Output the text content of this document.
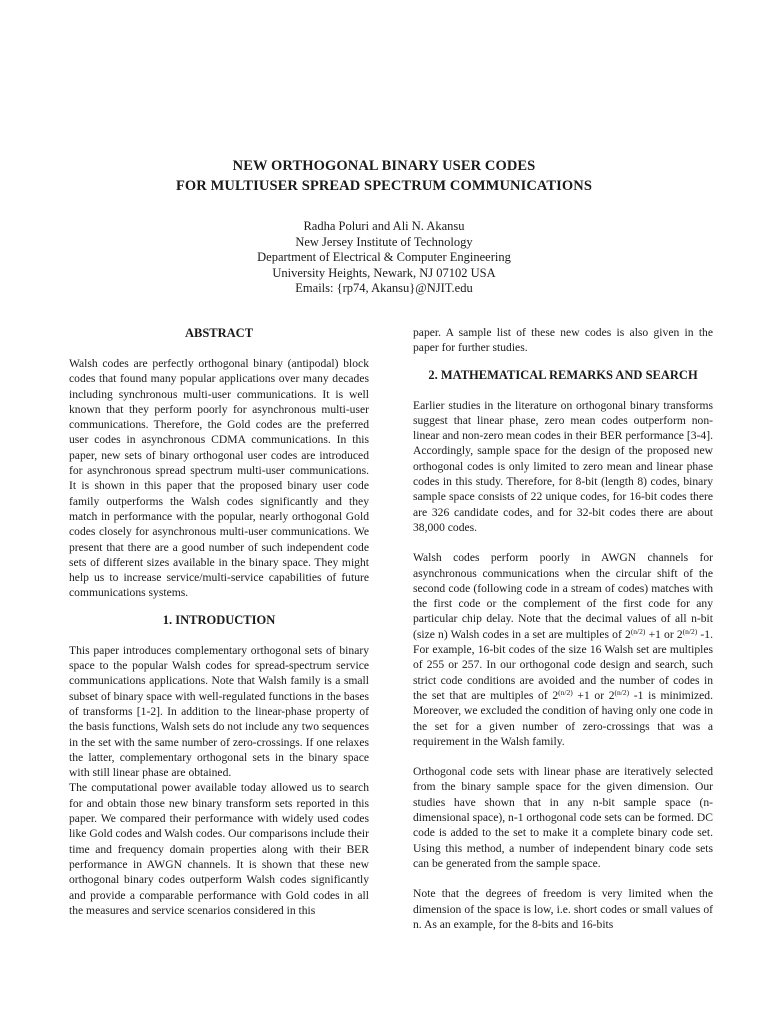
NEW ORTHOGONAL BINARY USER CODES
FOR MULTIUSER SPREAD SPECTRUM COMMUNICATIONS
Radha Poluri and Ali N. Akansu
New Jersey Institute of Technology
Department of Electrical & Computer Engineering
University Heights, Newark, NJ 07102 USA
Emails: {rp74, Akansu}@NJIT.edu
ABSTRACT

Walsh codes are perfectly orthogonal binary (antipodal) block codes that found many popular applications over many decades including synchronous multi-user communications. It is well known that they perform poorly for asynchronous multi-user communications. Therefore, the Gold codes are the preferred user codes in asynchronous CDMA communications. In this paper, new sets of binary orthogonal user codes are introduced for asynchronous spread spectrum multi-user communications. It is shown in this paper that the proposed binary user code family outperforms the Walsh codes significantly and they match in performance with the popular, nearly orthogonal Gold codes closely for asynchronous multi-user communications. We present that there are a good number of such independent code sets of different sizes available in the binary space. They might help us to increase service/multi-service capabilities of future communications systems.

1. INTRODUCTION

This paper introduces complementary orthogonal sets of binary space to the popular Walsh codes for spread-spectrum service communications applications. Note that Walsh family is a small subset of binary space with well-regulated functions in the bases of transforms [1-2]. In addition to the linear-phase property of the basis functions, Walsh sets do not include any two sequences in the set with the same number of zero-crossings. If one relaxes the latter, complementary orthogonal sets in the binary space with still linear phase are obtained.

The computational power available today allowed us to search for and obtain those new binary transform sets reported in this paper. We compared their performance with widely used codes like Gold codes and Walsh codes. Our comparisons include their time and frequency domain properties along with their BER performance in AWGN channels. It is shown that these new orthogonal binary codes outperform Walsh codes significantly and provide a comparable performance with Gold codes in all the measures and service scenarios considered in this

paper. A sample list of these new codes is also given in the paper for further studies.

2. MATHEMATICAL REMARKS AND SEARCH

Earlier studies in the literature on orthogonal binary transforms suggest that linear phase, zero mean codes outperform non-linear and non-zero mean codes in their BER performance [3-4]. Accordingly, sample space for the design of the proposed new orthogonal codes is only limited to zero mean and linear phase codes in this study. Therefore, for 8-bit (length 8) codes, binary sample space consists of 22 unique codes, for 16-bit codes there are 326 candidate codes, and for 32-bit codes there are about 38,000 codes.

Walsh codes perform poorly in AWGN channels for asynchronous communications when the circular shift of the second code (following code in a stream of codes) matches with the first code or the complement of the first code for any particular chip delay. Note that the decimal values of all n-bit (size n) Walsh codes in a set are multiples of $2^{(n/2)} +1$ or $2^{(n/2)}$ -1. For example, 16-bit codes of the size 16 Walsh set are multiples of 255 or 257. In our orthogonal code design and search, such strict code conditions are avoided and the number of codes in the set that are multiples of $2^{(n/2)} +1$ or $2^{(n/2)}$ -1 is minimized. Moreover, we excluded the condition of having only one code in the set for a given number of zero-crossings that was a requirement in the Walsh family.

Orthogonal code sets with linear phase are iteratively selected from the binary sample space for the given dimension. Our studies have shown that in any n-bit sample space (n-dimensional space), n-1 orthogonal code sets can be formed. DC code is added to the set to make it a complete binary code set. Using this method, a number of independent binary code sets can be generated from the sample space.

Note that the degrees of freedom is very limited when the dimension of the space is low, i.e. short codes or small values of n. As an example, for the 8-bits and 16-bits
